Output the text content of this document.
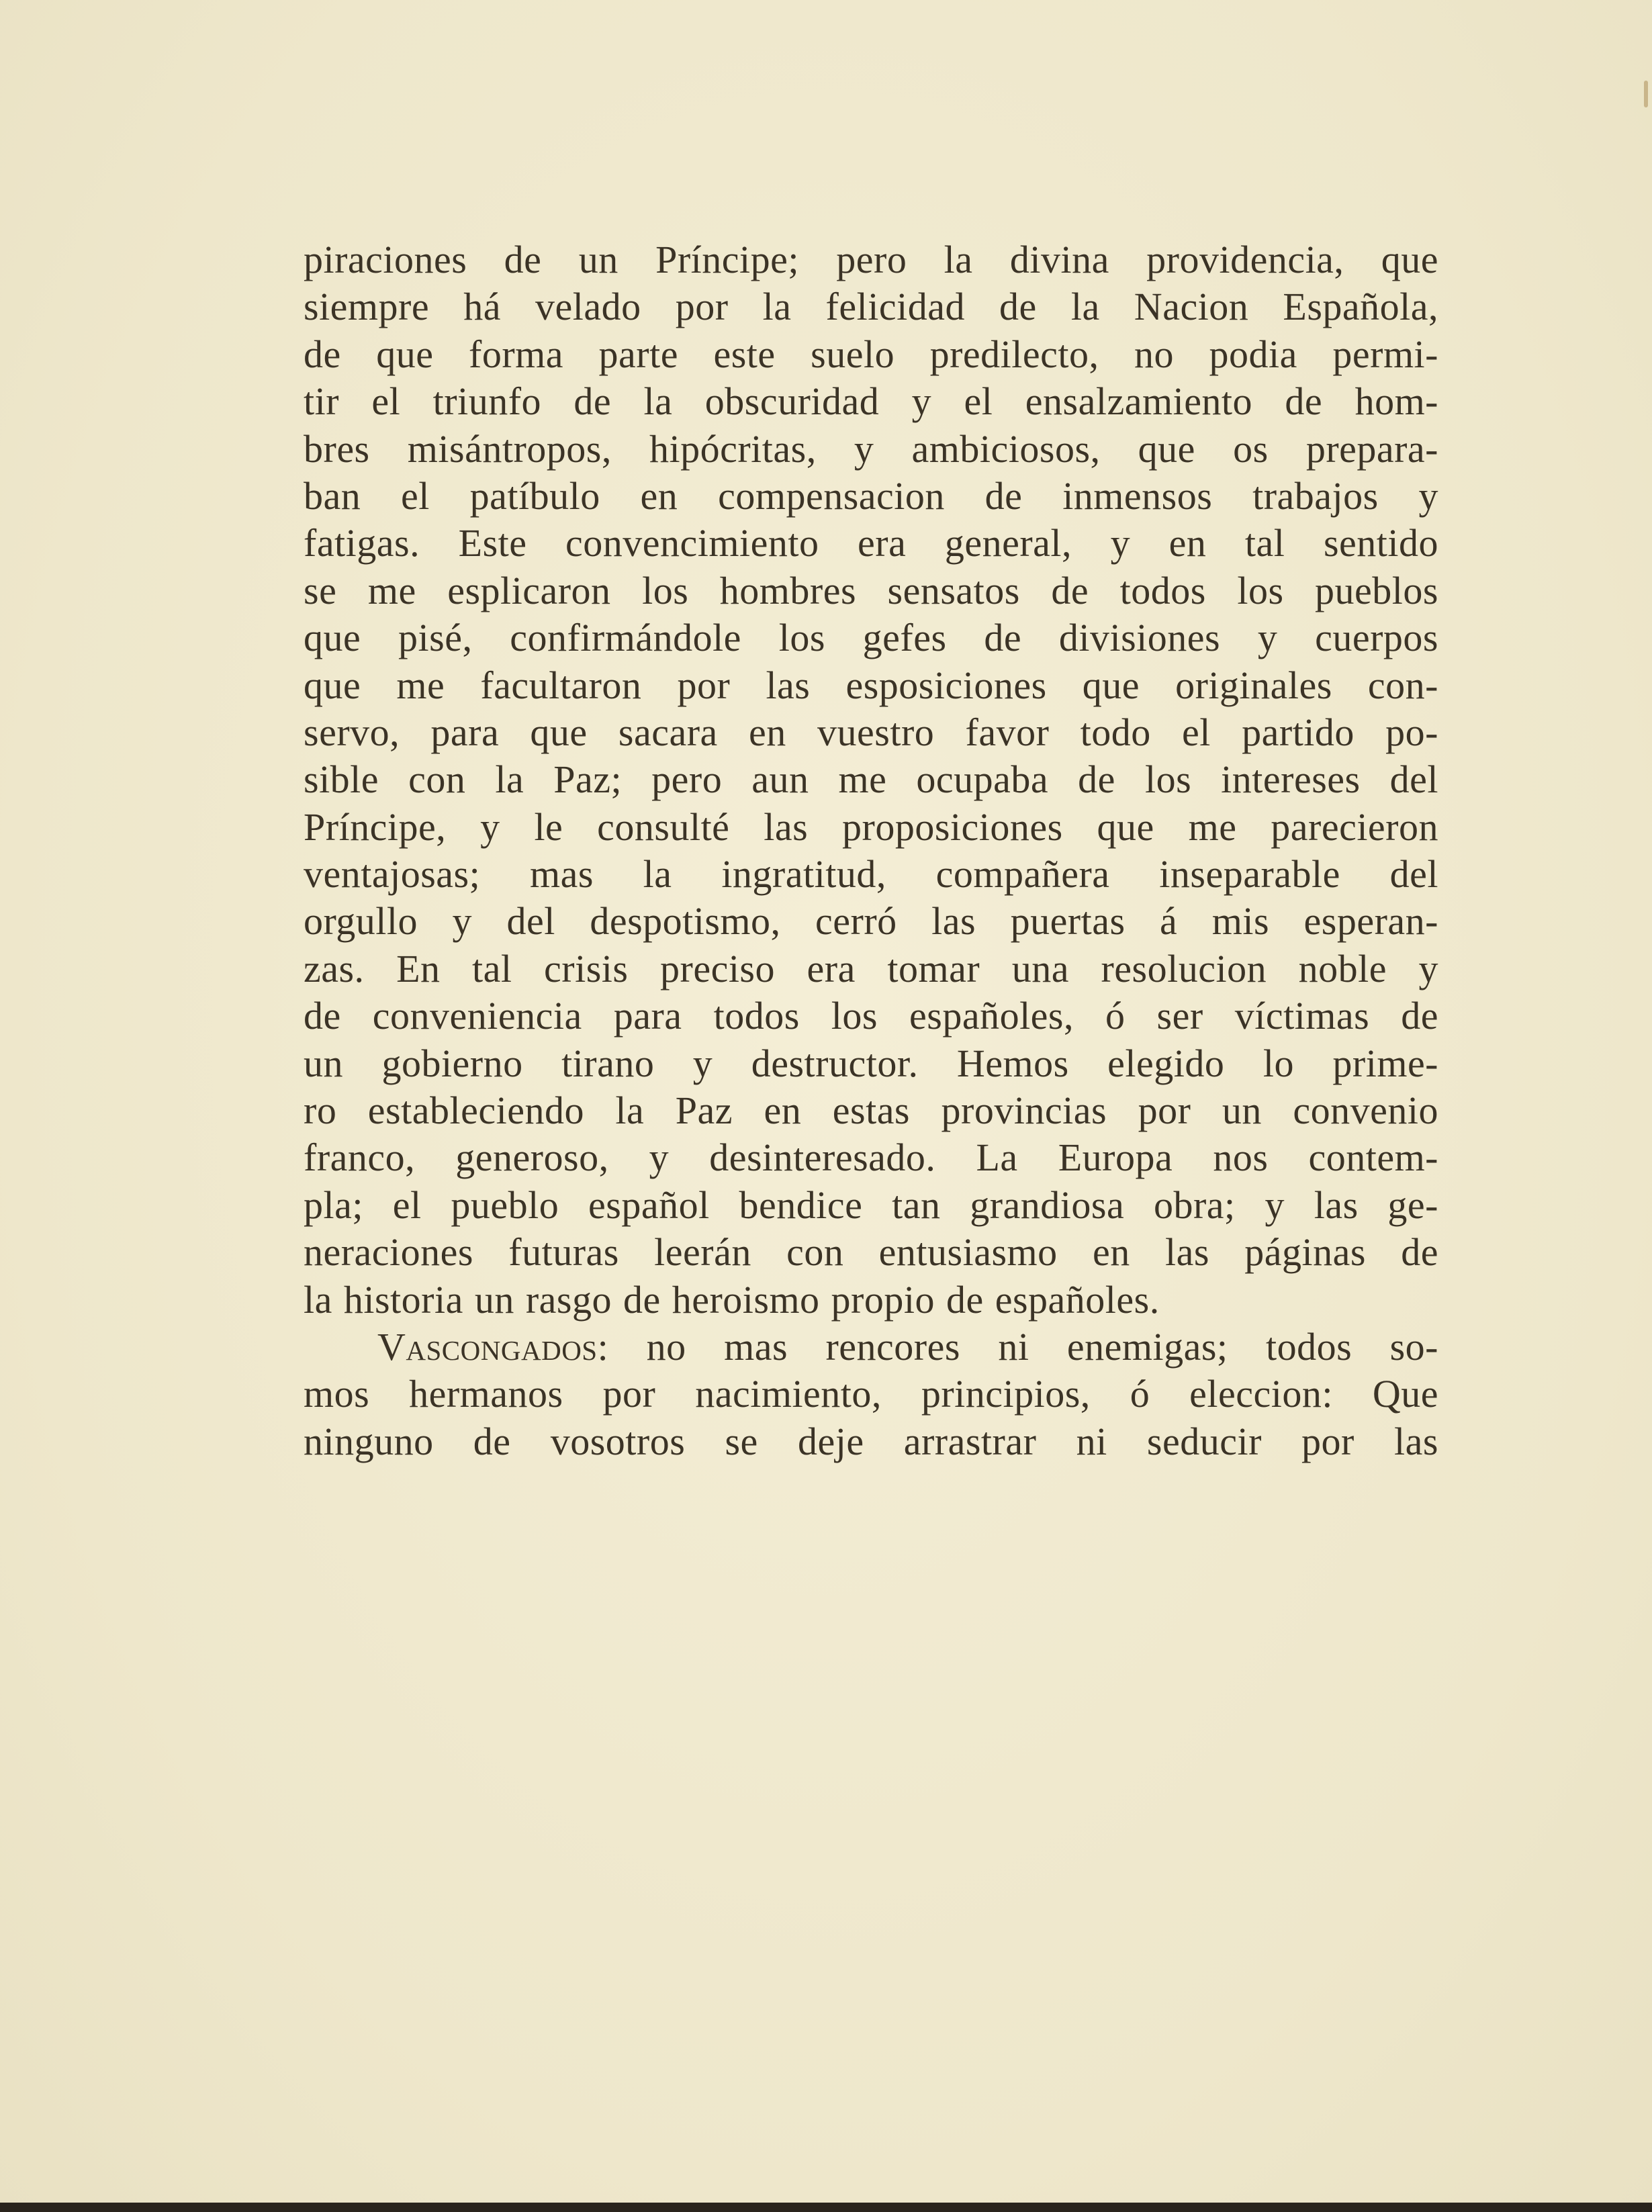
piraciones de un Príncipe; pero la divina providencia, que
siempre há velado por la felicidad de la Nacion Española,
de que forma parte este suelo predilecto, no podia permi-
tir el triunfo de la obscuridad y el ensalzamiento de hom-
bres misántropos, hipócritas, y ambiciosos, que os prepara-
ban el patíbulo en compensacion de inmensos trabajos y
fatigas. Este convencimiento era general, y en tal sentido
se me esplicaron los hombres sensatos de todos los pueblos
que pisé, confirmándole los gefes de divisiones y cuerpos
que me facultaron por las esposiciones que originales con-
servo, para que sacara en vuestro favor todo el partido po-
sible con la Paz; pero aun me ocupaba de los intereses del
Príncipe, y le consulté las proposiciones que me parecieron
ventajosas; mas la ingratitud, compañera inseparable del
orgullo y del despotismo, cerró las puertas á mis esperan-
zas. En tal crisis preciso era tomar una resolucion noble y
de conveniencia para todos los españoles, ó ser víctimas de
un gobierno tirano y destructor. Hemos elegido lo prime-
ro estableciendo la Paz en estas provincias por un convenio
franco, generoso, y desinteresado. La Europa nos contem-
pla; el pueblo español bendice tan grandiosa obra; y las ge-
neraciones futuras leerán con entusiasmo en las páginas de
la historia un rasgo de heroismo propio de españoles.
Vascongados: no mas rencores ni enemigas; todos so-
mos hermanos por nacimiento, principios, ó eleccion: Que
ninguno de vosotros se deje arrastrar ni seducir por las
